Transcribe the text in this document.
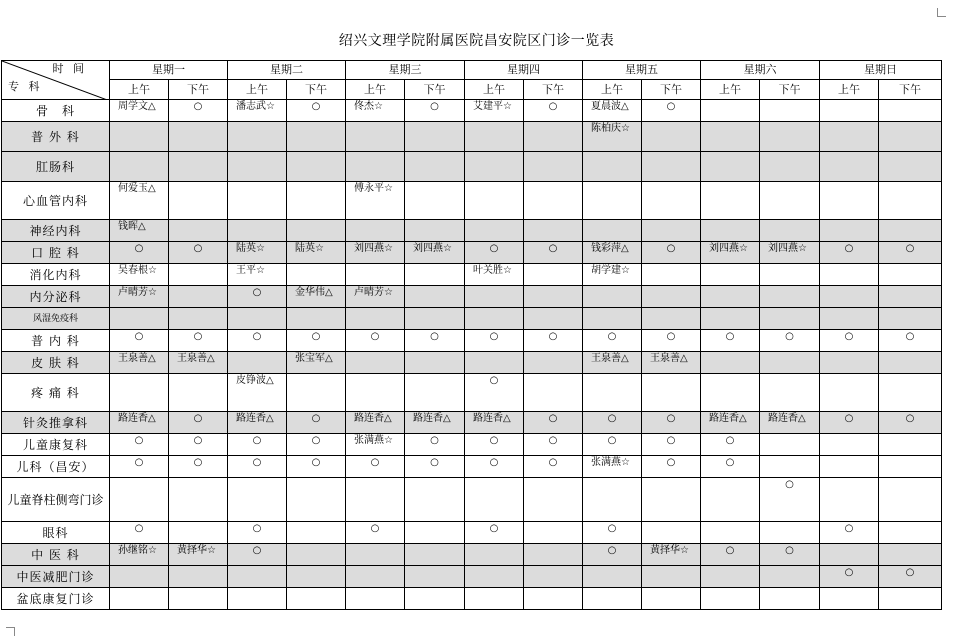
绍兴文理学院附属医院昌安院区门诊一览表
时 间
专 科	星期一		星期二		星期三		星期四		星期五		星期六		星期日	
	上午	下午	上午	下午	上午	下午	上午	下午	上午	下午	上午	下午	上午	下午
骨　科	周学文△	○	潘志武☆	○	佟杰☆	○	艾建平☆	○	夏晨波△	○				
普 外 科									陈柏庆☆					
肛肠科														
心血管内科	何爱玉△				傅永平☆									
神经内科	钱晖△													
口 腔 科	○	○	陆英☆	陆英☆	刘四燕☆	刘四燕☆	○	○	钱彩萍△	○	刘四燕☆	刘四燕☆	○	○
消化内科	吴春根☆		王平☆				叶关胜☆		胡学建☆					
内分泌科	卢晴芳☆		○	金华伟△	卢晴芳☆									
风湿免疫科														
普 内 科	○	○	○	○	○	○	○	○	○	○	○	○	○	○
皮 肤 科	王泉善△	王泉善△		张宝军△					王泉善△	王泉善△				
疼 痛 科			皮铮波△				○							
针灸推拿科	路连香△	○	路连香△	○	路连香△	路连香△	路连香△	○	○	○	路连香△	路连香△	○	○
儿童康复科	○	○	○	○	张满燕☆	○	○	○	○	○	○			
儿科（昌安）	○	○	○	○	○	○	○	○	张满燕☆	○	○			
儿童脊柱侧弯门诊												○		
眼科	○		○		○		○		○				○	
中 医 科	孙继铭☆	黄择华☆	○						○	黄择华☆	○	○		
中医减肥门诊													○	○
盆底康复门诊														
